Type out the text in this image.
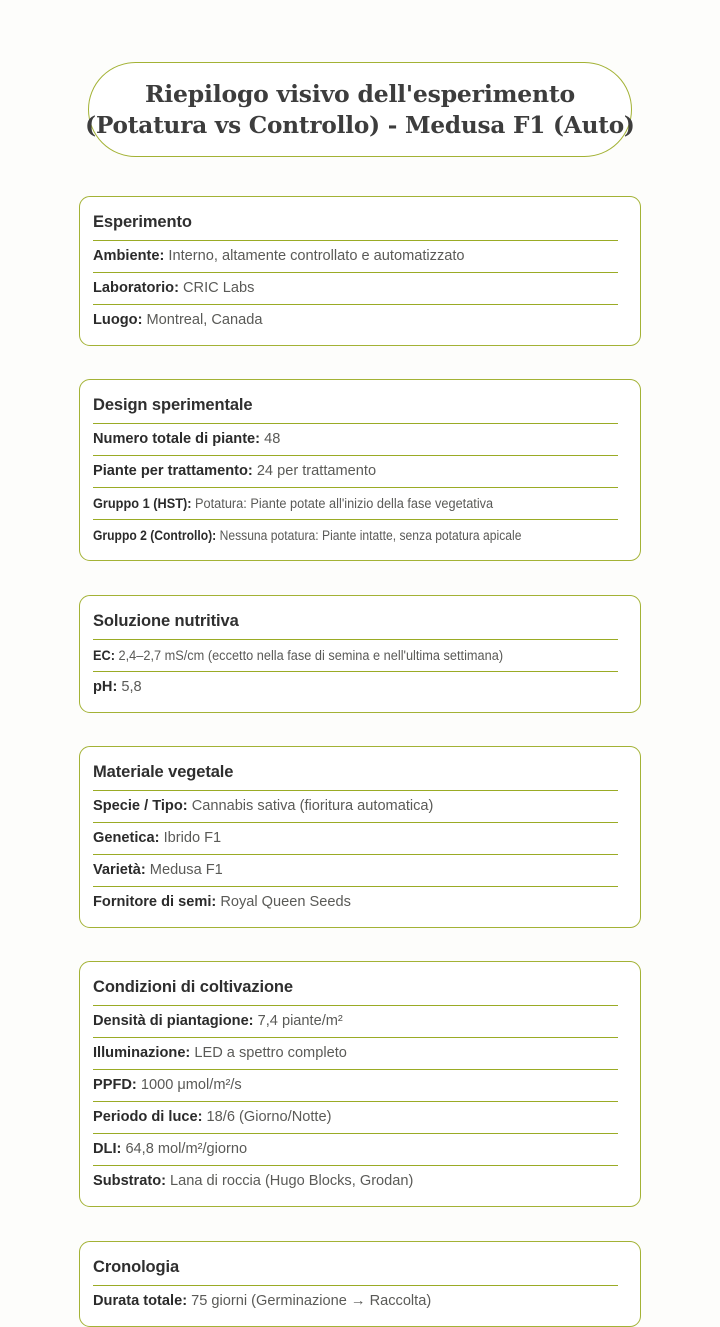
Riepilogo visivo dell'esperimento
(Potatura vs Controllo) - Medusa F1 (Auto)
Esperimento
Ambiente: Interno, altamente controllato e automatizzato
Laboratorio: CRIC Labs
Luogo: Montreal, Canada
Design sperimentale
Numero totale di piante: 48
Piante per trattamento: 24 per trattamento
Gruppo 1 (HST): Potatura: Piante potate all'inizio della fase vegetativa
Gruppo 2 (Controllo): Nessuna potatura: Piante intatte, senza potatura apicale
Soluzione nutritiva
EC: 2,4–2,7 mS/cm (eccetto nella fase di semina e nell'ultima settimana)
pH: 5,8
Materiale vegetale
Specie / Tipo: Cannabis sativa (fioritura automatica)
Genetica: Ibrido F1
Varietà: Medusa F1
Fornitore di semi: Royal Queen Seeds
Condizioni di coltivazione
Densità di piantagione: 7,4 piante/m²
Illuminazione: LED a spettro completo
PPFD: 1000 μmol/m²/s
Periodo di luce: 18/6 (Giorno/Notte)
DLI: 64,8 mol/m²/giorno
Substrato: Lana di roccia (Hugo Blocks, Grodan)
Cronologia
Durata totale: 75 giorni (Germinazione → Raccolta)
